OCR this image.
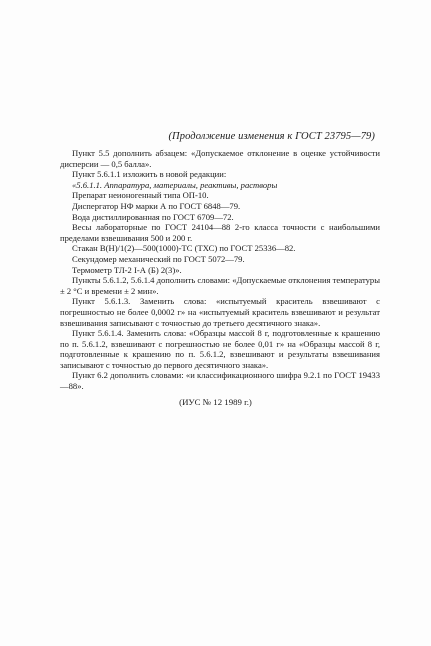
(Продолжение изменения к ГОСТ 23795—79)

Пункт 5.5 дополнить абзацем: «Допускаемое отклонение в оценке устойчивости дисперсии — 0,5 балла».

Пункт 5.6.1.1 изложить в новой редакции:

«5.6.1.1. Аппаратура, материалы, реактивы, растворы

Препарат неионогенный типа ОП-10.

Диспергатор НФ марки А по ГОСТ 6848—79.

Вода дистиллированная по ГОСТ 6709—72.

Весы лабораторные по ГОСТ 24104—88 2-го класса точности с наибольшими пределами взвешивания 500 и 200 г.

Стакан В(Н)/1(2)—500(1000)-ТС (ТХС) по ГОСТ 25336—82.

Секундомер механический по ГОСТ 5072—79.

Термометр ТЛ-2 I-А (Б) 2(3)».

Пункты 5.6.1.2, 5.6.1.4 дополнить словами: «Допускаемые отклонения температуры ± 2 °С и времени ± 2 мин».

Пункт 5.6.1.3. Заменить слова: «испытуемый краситель взвешивают с погрешностью не более 0,0002 г» на «испытуемый краситель взвешивают и результат взвешивания записывают с точностью до третьего десятичного знака».

Пункт 5.6.1.4. Заменить слова: «Образцы массой 8 г, подготовленные к крашению по п. 5.6.1.2, взвешивают с погрешностью не более 0,01 г» на «Образцы массой 8 г, подготовленные к крашению по п. 5.6.1.2, взвешивают и результаты взвешивания записывают с точностью до первого десятичного знака».

Пункт 6.2 дополнить словами: «и классификационного шифра 9.2.1 по ГОСТ 19433—88».

(ИУС № 12 1989 г.)
